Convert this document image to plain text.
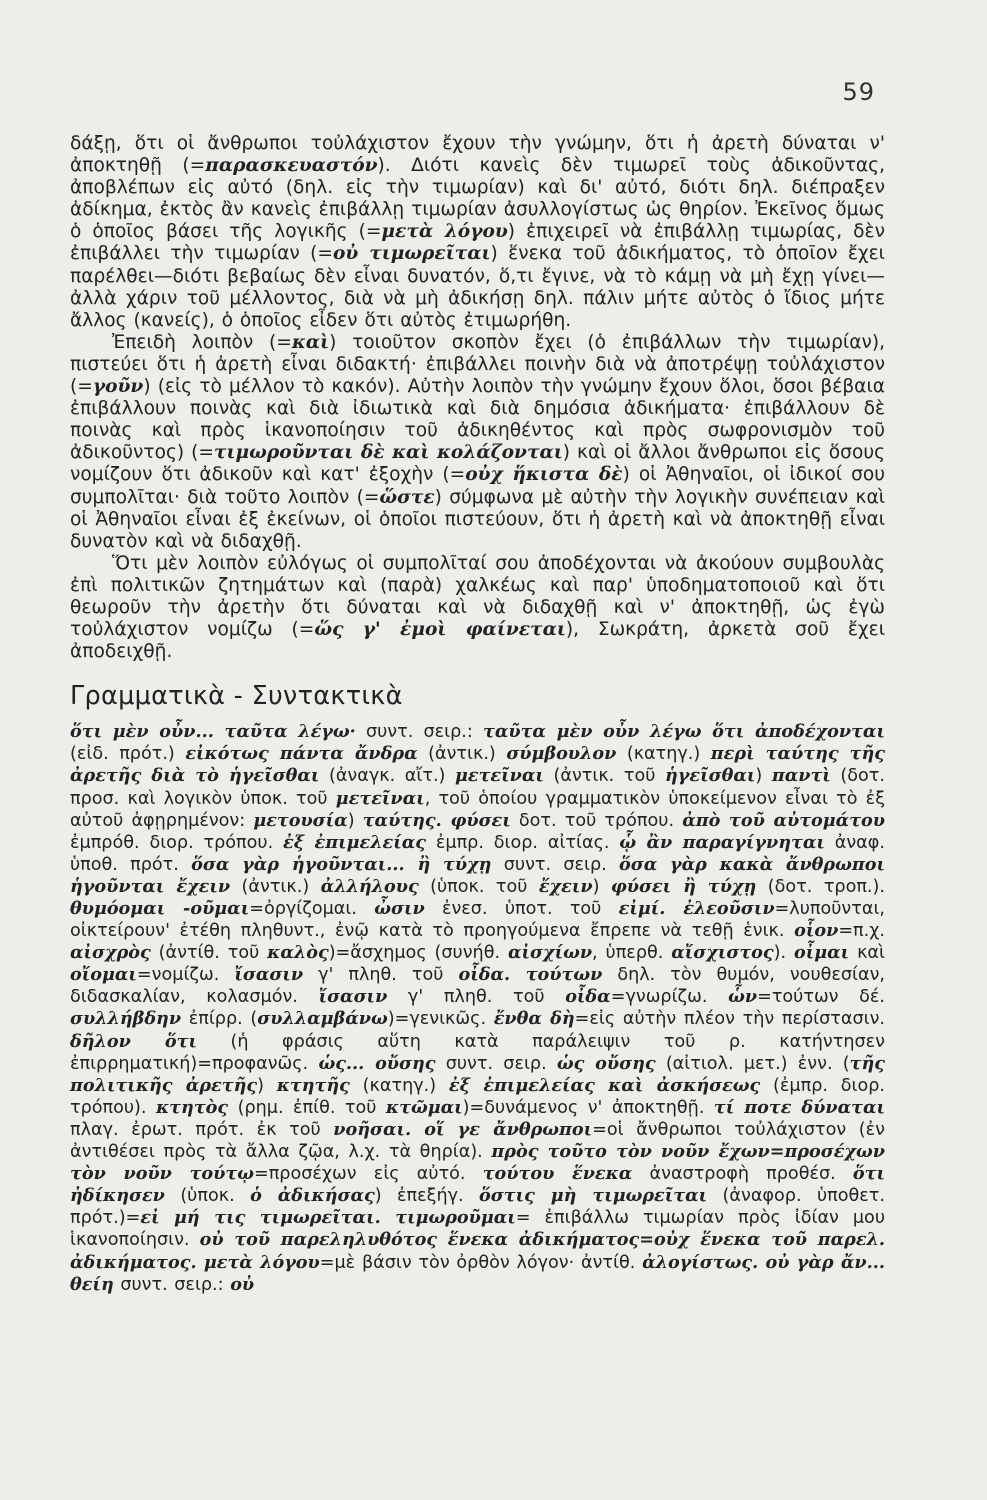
59

δάξῃ, ὅτι οἱ ἄνθρωποι τοὐλάχιστον ἔχουν τὴν γνώμην, ὅτι ἡ ἀρετὴ δύναται ν' ἀποκτηθῇ (=παρασκευαστόν). Διότι κανεὶς δὲν τιμωρεῖ τοὺς ἀδικοῦντας, ἀποβλέπων εἰς αὐτό (δηλ. εἰς τὴν τιμωρίαν) καὶ δι' αὐτό, διότι δηλ. διέπραξεν ἀδίκημα, ἐκτὸς ἂν κανεὶς ἐπιβάλλῃ τιμωρίαν ἀσυλλογίστως ὡς θηρίον. Ἐκεῖνος ὅμως ὁ ὁποῖος βάσει τῆς λογικῆς (=μετὰ λόγου) ἐπιχειρεῖ νὰ ἐπιβάλλῃ τιμωρίας, δὲν ἐπιβάλλει τὴν τιμωρίαν (=οὐ τιμωρεῖται) ἕνεκα τοῦ ἀδικήματος, τὸ ὁποῖον ἔχει παρέλθει—διότι βεβαίως δὲν εἶναι δυνατόν, ὅ,τι ἔγινε, νὰ τὸ κάμῃ νὰ μὴ ἔχῃ γίνει—ἀλλὰ χάριν τοῦ μέλλοντος, διὰ νὰ μὴ ἀδικήσῃ δηλ. πάλιν μήτε αὐτὸς ὁ ἴδιος μήτε ἄλλος (κανείς), ὁ ὁποῖος εἶδεν ὅτι αὐτὸς ἐτιμωρήθη.

Ἐπειδὴ λοιπὸν (=καὶ) τοιοῦτον σκοπὸν ἔχει (ὁ ἐπιβάλλων τὴν τιμωρίαν), πιστεύει ὅτι ἡ ἀρετὴ εἶναι διδακτή· ἐπιβάλλει ποινὴν διὰ νὰ ἀποτρέψῃ τοὐλάχιστον (=γοῦν) (εἰς τὸ μέλλον τὸ κακόν). Αὐτὴν λοιπὸν τὴν γνώμην ἔχουν ὅλοι, ὅσοι βέβαια ἐπιβάλλουν ποινὰς καὶ διὰ ἰδιωτικὰ καὶ διὰ δημόσια ἀδικήματα· ἐπιβάλλουν δὲ ποινὰς καὶ πρὸς ἱκανοποίησιν τοῦ ἀδικηθέντος καὶ πρὸς σωφρονισμὸν τοῦ ἀδικοῦντος) (=τιμωροῦνται δὲ καὶ κολάζονται) καὶ οἱ ἄλλοι ἄνθρωποι εἰς ὅσους νομίζουν ὅτι ἀδικοῦν καὶ κατ' ἐξοχὴν (=οὐχ ἥκιστα δὲ) οἱ Ἀθηναῖοι, οἱ ἰδικοί σου συμπολῖται· διὰ τοῦτο λοιπὸν (=ὥστε) σύμφωνα μὲ αὐτὴν τὴν λογικὴν συνέπειαν καὶ οἱ Ἀθηναῖοι εἶναι ἐξ ἐκείνων, οἱ ὁποῖοι πιστεύουν, ὅτι ἡ ἀρετὴ καὶ νὰ ἀποκτηθῇ εἶναι δυνατὸν καὶ νὰ διδαχθῇ.

Ὅτι μὲν λοιπὸν εὐλόγως οἱ συμπολῖταί σου ἀποδέχονται νὰ ἀκούουν συμβουλὰς ἐπὶ πολιτικῶν ζητημάτων καὶ (παρὰ) χαλκέως καὶ παρ' ὑποδηματοποιοῦ καὶ ὅτι θεωροῦν τὴν ἀρετὴν ὅτι δύναται καὶ νὰ διδαχθῇ καὶ ν' ἀποκτηθῇ, ὡς ἐγὼ τοὐλάχιστον νομίζω (=ὥς γ' ἐμοὶ φαίνεται), Σωκράτη, ἀρκετὰ σοῦ ἔχει ἀποδειχθῇ.

Γραμματικὰ - Συντακτικὰ

ὅτι μὲν οὖν... ταῦτα λέγω· συντ. σειρ.: ταῦτα μὲν οὖν λέγω ὅτι ἀποδέχονται (εἰδ. πρότ.) εἰκότως πάντα ἄνδρα (ἀντικ.) σύμβουλον (κατηγ.) περὶ ταύτης τῆς ἀρετῆς διὰ τὸ ἡγεῖσθαι (ἀναγκ. αἴτ.) μετεῖναι (ἀντικ. τοῦ ἡγεῖσθαι) παντὶ (δοτ. προσ. καὶ λογικὸν ὑποκ. τοῦ μετεῖναι, τοῦ ὁποίου γραμματικὸν ὑποκείμενον εἶναι τὸ ἐξ αὐτοῦ ἀφῃρημένον: μετουσία) ταύτης. φύσει δοτ. τοῦ τρόπου. ἀπὸ τοῦ αὐτομάτου ἐμπρόθ. διορ. τρόπου. ἐξ ἐπιμελείας ἐμπρ. διορ. αἰτίας. ᾧ ἂν παραγίγνηται ἀναφ. ὑποθ. πρότ. ὅσα γὰρ ἡγοῦνται... ἢ τύχῃ συντ. σειρ. ὅσα γὰρ κακὰ ἄνθρωποι ἡγοῦνται ἔχειν (ἀντικ.) ἀλλήλους (ὑποκ. τοῦ ἔχειν) φύσει ἢ τύχῃ (δοτ. τροπ.). θυμόομαι -οῦμαι=ὀργίζομαι. ὦσιν ἐνεσ. ὑποτ. τοῦ εἰμί. ἐλεοῦσιν=λυποῦνται, οἰκτείρουν' ἐτέθη πληθυντ., ἐνῷ κατὰ τὸ προηγούμενα ἔπρεπε νὰ τεθῇ ἑνικ. οἷον=π.χ. αἰσχρὸς (ἀντίθ. τοῦ καλὸς)=ἄσχημος (συνήθ. αἰσχίων, ὑπερθ. αἴσχιστος). οἶμαι καὶ οἴομαι=νομίζω. ἴσασιν γ' πληθ. τοῦ οἶδα. τούτων δηλ. τὸν θυμόν, νουθεσίαν, διδασκαλίαν, κολασμόν. ἴσασιν γ' πληθ. τοῦ οἶδα=γνωρίζω. ὧν=τούτων δέ. συλλήβδην ἐπίρρ. (συλλαμβάνω)=γενικῶς. ἔνθα δὴ=εἰς αὐτὴν πλέον τὴν περίστασιν. δῆλον ὅτι (ἡ φράσις αὕτη κατὰ παράλειψιν τοῦ ρ. κατήντησεν ἐπιρρηματική)=προφανῶς. ὡς... οὔσης συντ. σειρ. ὡς οὔσης (αἰτιολ. μετ.) ἐνν. (τῆς πολιτικῆς ἀρετῆς) κτητῆς (κατηγ.) ἐξ ἐπιμελείας καὶ ἀσκήσεως (ἐμπρ. διορ. τρόπου). κτητὸς (ρημ. ἐπίθ. τοῦ κτῶμαι)=δυνάμενος ν' ἀποκτηθῇ. τί ποτε δύναται πλαγ. ἐρωτ. πρότ. ἐκ τοῦ νοῆσαι. οἵ γε ἄνθρωποι=οἱ ἄνθρωποι τοὐλάχιστον (ἐν ἀντιθέσει πρὸς τὰ ἄλλα ζῷα, λ.χ. τὰ θηρία). πρὸς τοῦτο τὸν νοῦν ἔχων=προσέχων τὸν νοῦν τούτῳ=προσέχων εἰς αὐτό. τούτου ἕνεκα ἀναστροφὴ προθέσ. ὅτι ἠδίκησεν (ὑποκ. ὁ ἀδικήσας) ἐπεξήγ. ὅστις μὴ τιμωρεῖται (ἀναφορ. ὑποθετ. πρότ.)=εἰ μή τις τιμωρεῖται. τιμωροῦμαι= ἐπιβάλλω τιμωρίαν πρὸς ἰδίαν μου ἱκανοποίησιν. οὐ τοῦ παρεληλυθότος ἕνεκα ἀδικήματος=οὐχ ἕνεκα τοῦ παρελ. ἀδικήματος. μετὰ λόγου=μὲ βάσιν τὸν ὀρθὸν λόγον· ἀντίθ. ἀλογίστως. οὐ γὰρ ἄν... θείη συντ. σειρ.: οὐ
